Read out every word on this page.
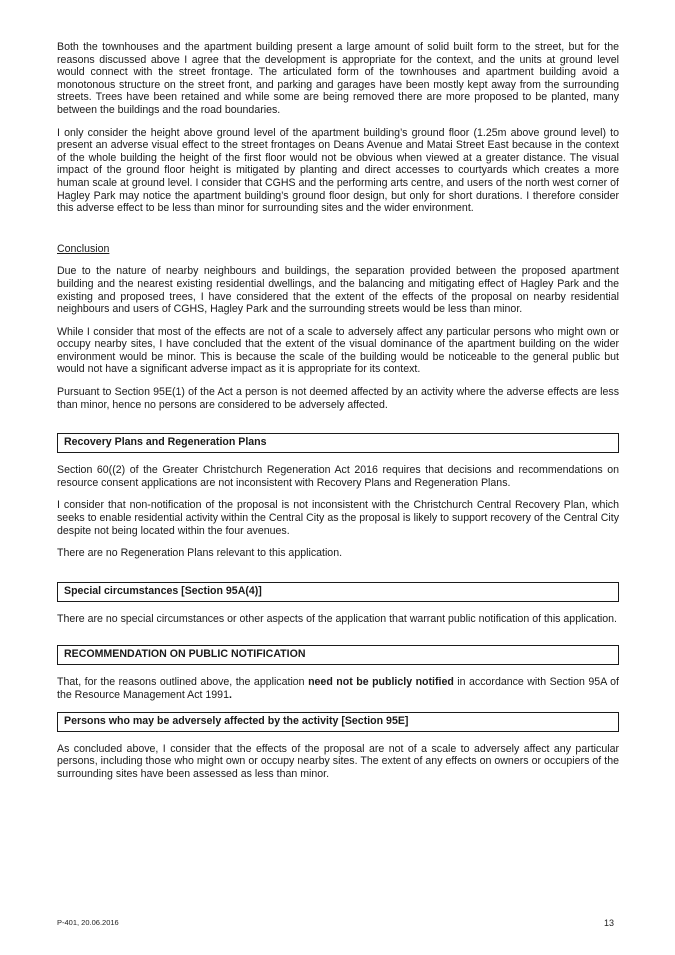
Both the townhouses and the apartment building present a large amount of solid built form to the street, but for the reasons discussed above I agree that the development is appropriate for the context, and the units at ground level would connect with the street frontage. The articulated form of the townhouses and apartment building avoid a monotonous structure on the street front, and parking and garages have been mostly kept away from the surrounding streets. Trees have been retained and while some are being removed there are more proposed to be planted, many between the buildings and the road boundaries.

I only consider the height above ground level of the apartment building’s ground floor (1.25m above ground level) to present an adverse visual effect to the street frontages on Deans Avenue and Matai Street East because in the context of the whole building the height of the first floor would not be obvious when viewed at a greater distance. The visual impact of the ground floor height is mitigated by planting and direct accesses to courtyards which creates a more human scale at ground level. I consider that CGHS and the performing arts centre, and users of the north west corner of Hagley Park may notice the apartment building’s ground floor design, but only for short durations. I therefore consider this adverse effect to be less than minor for surrounding sites and the wider environment.

Conclusion

Due to the nature of nearby neighbours and buildings, the separation provided between the proposed apartment building and the nearest existing residential dwellings, and the balancing and mitigating effect of Hagley Park and the existing and proposed trees, I have considered that the extent of the effects of the proposal on nearby residential neighbours and users of CGHS, Hagley Park and the surrounding streets would be less than minor.

While I consider that most of the effects are not of a scale to adversely affect any particular persons who might own or occupy nearby sites, I have concluded that the extent of the visual dominance of the apartment building on the wider environment would be minor. This is because the scale of the building would be noticeable to the general public but would not have a significant adverse impact as it is appropriate for its context.

Pursuant to Section 95E(1) of the Act a person is not deemed affected by an activity where the adverse effects are less than minor, hence no persons are considered to be adversely affected.

Recovery Plans and Regeneration Plans

Section 60((2) of the Greater Christchurch Regeneration Act 2016 requires that decisions and recommendations on resource consent applications are not inconsistent with Recovery Plans and Regeneration Plans.

I consider that non-notification of the proposal is not inconsistent with the Christchurch Central Recovery Plan, which seeks to enable residential activity within the Central City as the proposal is likely to support recovery of the Central City despite not being located within the four avenues.

There are no Regeneration Plans relevant to this application.

Special circumstances [Section 95A(4)]

There are no special circumstances or other aspects of the application that warrant public notification of this application.

RECOMMENDATION ON PUBLIC NOTIFICATION

That, for the reasons outlined above, the application need not be publicly notified in accordance with Section 95A of the Resource Management Act 1991.

Persons who may be adversely affected by the activity [Section 95E]

As concluded above, I consider that the effects of the proposal are not of a scale to adversely affect any particular persons, including those who might own or occupy nearby sites. The extent of any effects on owners or occupiers of the surrounding sites have been assessed as less than minor.

P-401, 20.06.2016	13
